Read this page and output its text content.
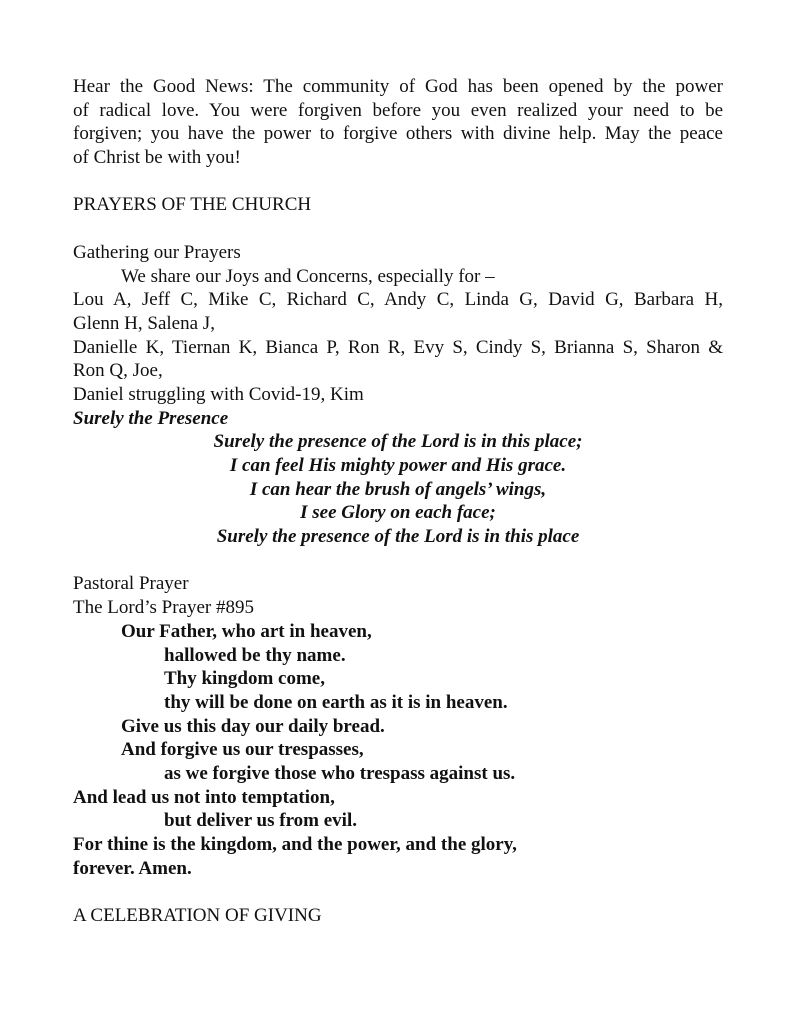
Hear the Good News: The community of God has been opened by the power
of radical love. You were forgiven before you even realized your need to be
forgiven; you have the power to forgive others with divine help. May the peace
of Christ be with you!
PRAYERS OF THE CHURCH
Gathering our Prayers
We share our Joys and Concerns, especially for –
Lou A, Jeff C, Mike C, Richard C, Andy C, Linda G, David G, Barbara H,
Glenn H, Salena J,
Danielle K, Tiernan K, Bianca P, Ron R, Evy S, Cindy S, Brianna S, Sharon &
Ron Q, Joe,
Daniel struggling with Covid-19, Kim
Surely the Presence
Surely the presence of the Lord is in this place;
I can feel His mighty power and His grace.
I can hear the brush of angels’ wings,
I see Glory on each face;
Surely the presence of the Lord is in this place
Pastoral Prayer
The Lord’s Prayer #895
Our Father, who art in heaven,
hallowed be thy name.
Thy kingdom come,
thy will be done on earth as it is in heaven.
Give us this day our daily bread.
And forgive us our trespasses,
as we forgive those who trespass against us.
And lead us not into temptation,
but deliver us from evil.
For thine is the kingdom, and the power, and the glory,
forever. Amen.
A CELEBRATION OF GIVING
